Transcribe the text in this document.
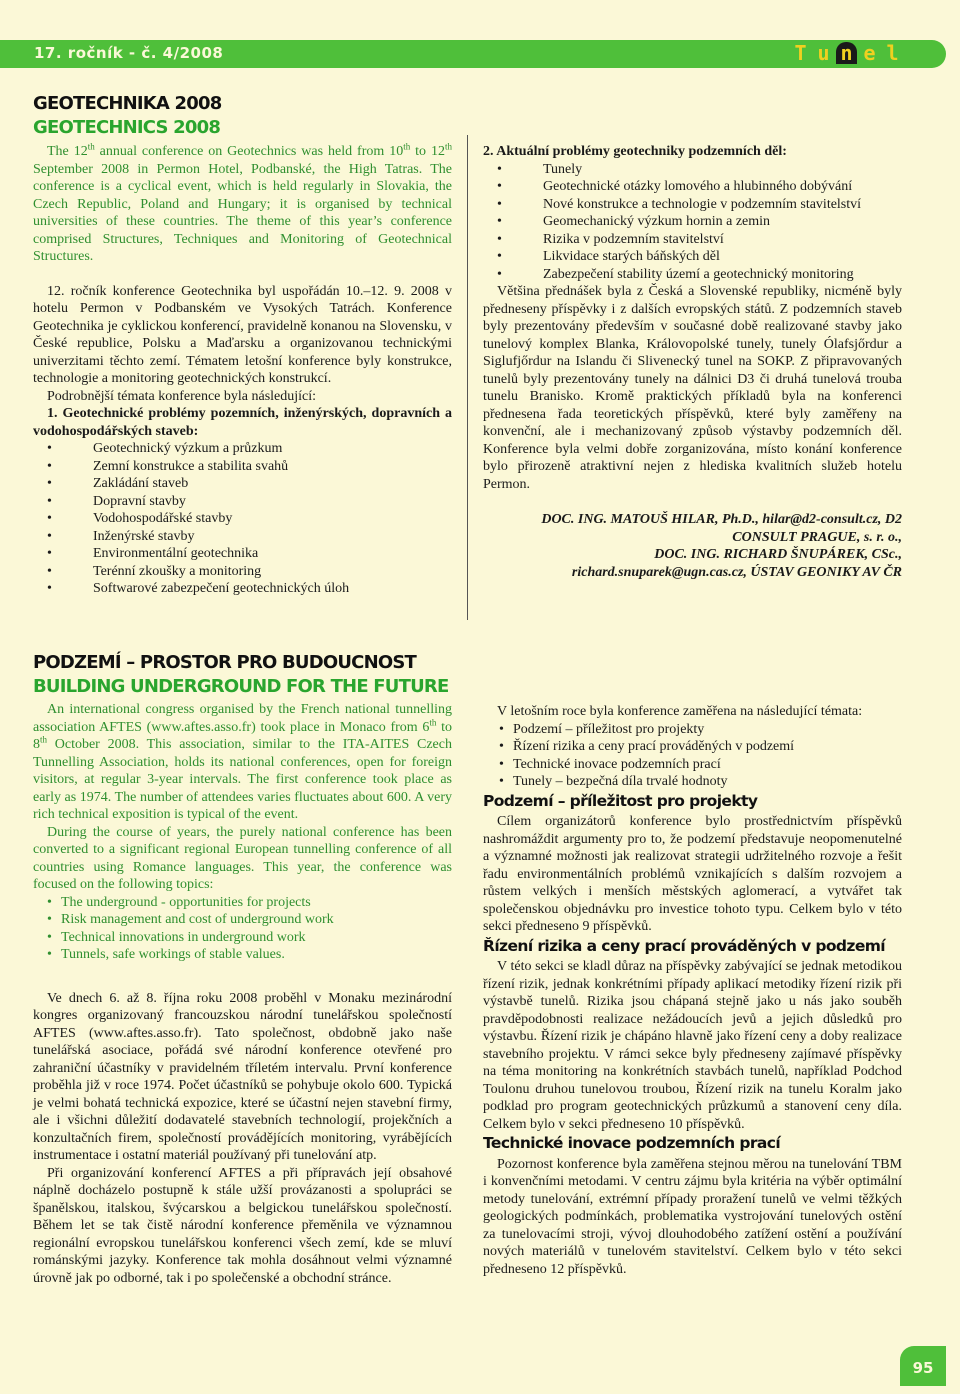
17. ročník - č. 4/2008	T u n e l
GEOTECHNIKA 2008
GEOTECHNICS 2008

The 12th annual conference on Geotechnics was held from 10th to 12th September 2008 in Permon Hotel, Podbanské, the High Tatras. The conference is a cyclical event, which is held regularly in Slovakia, the Czech Republic, Poland and Hungary; it is organised by technical universities of these countries. The theme of this year’s conference comprised Structures, Techniques and Monitoring of Geotechnical Structures.

12. ročník konference Geotechnika byl uspořádán 10.–12. 9. 2008 v hotelu Permon v Podbanském ve Vysokých Tatrách. Konference Geotechnika je cyklickou konferencí, pravidelně konanou na Slovensku, v České republice, Polsku a Maďarsku a organizovanou technickými univerzitami těchto zemí. Tématem letošní konference byly konstrukce, technologie a monitoring geotechnických konstrukcí.

Podrobnější témata konference byla následující:

1. Geotechnické problémy pozemních, inženýrských, dopravních a vodohospodářských staveb:

• Geotechnický výzkum a průzkum
• Zemní konstrukce a stabilita svahů
• Zakládání staveb
• Dopravní stavby
• Vodohospodářské stavby
• Inženýrské stavby
• Environmentální geotechnika
• Terénní zkoušky a monitoring
• Softwarové zabezpečení geotechnických úloh

2. Aktuální problémy geotechniky podzemních děl:

• Tunely
• Geotechnické otázky lomového a hlubinného dobývání
• Nové konstrukce a technologie v podzemním stavitelství
• Geomechanický výzkum hornin a zemin
• Rizika v podzemním stavitelství
• Likvidace starých báňských děl
• Zabezpečení stability území a geotechnický monitoring

Většina přednášek byla z Česká a Slovenské republiky, nicméně byly předneseny příspěvky i z dalších evropských států. Z podzemních staveb byly prezentovány především v současné době realizované stavby jako tunelový komplex Blanka, Královopolské tunely, tunely Ólafsjőrdur a Siglufjőrdur na Islandu či Slivenecký tunel na SOKP. Z připravovaných tunelů byly prezentovány tunely na dálnici D3 či druhá tunelová trouba tunelu Branisko. Kromě praktických příkladů byla na konferenci přednesena řada teoretických příspěvků, které byly zaměřeny na konvenční, ale i mechanizovaný způsob výstavby podzemních děl. Konference byla velmi dobře zorganizována, místo konání konference bylo přirozeně atraktivní nejen z hlediska kvalitních služeb hotelu Permon.

DOC. ING. MATOUŠ HILAR, Ph.D., hilar@d2-consult.cz, D2
CONSULT PRAGUE, s. r. o.,
DOC. ING. RICHARD ŠNUPÁREK, CSc.,
richard.snuparek@ugn.cas.cz, ÚSTAV GEONIKY AV ČR
PODZEMÍ – PROSTOR PRO BUDOUCNOST
BUILDING UNDERGROUND FOR THE FUTURE

An international congress organised by the French national tunnelling association AFTES (www.aftes.asso.fr) took place in Monaco from 6th to 8th October 2008. This association, similar to the ITA-AITES Czech Tunnelling Association, holds its national conferences, open for foreign visitors, at regular 3-year intervals. The first conference took place as early as 1974. The number of attendees varies fluctuates about 600. A very rich technical exposition is typical of the event.

During the course of years, the purely national conference has been converted to a significant regional European tunnelling conference of all countries using Romance languages. This year, the conference was focused on the following topics:

• The underground - opportunities for projects
• Risk management and cost of underground work
• Technical innovations in underground work
• Tunnels, safe workings of stable values.

Ve dnech 6. až 8. října roku 2008 proběhl v Monaku mezinárodní kongres organizovaný francouzskou národní tunelářskou společností AFTES (www.aftes.asso.fr). Tato společnost, obdobně jako naše tunelářská asociace, pořádá své národní konference otevřené pro zahraniční účastníky v pravidelném tříletém intervalu. První konference proběhla již v roce 1974. Počet účastníků se pohybuje okolo 600. Typická je velmi bohatá technická expozice, které se účastní nejen stavební firmy, ale i všichni důležití dodavatelé stavebních technologií, projekčních a konzultačních firem, společností provádějících monitoring, vyrábějících instrumentace i ostatní materiál používaný při tunelování atp.

Při organizování konferencí AFTES a při přípravách její obsahové náplně docházelo postupně k stále užší provázanosti a spolupráci se španělskou, italskou, švýcarskou a belgickou tunelářskou společností. Během let se tak čistě národní konference přeměnila ve významnou regionální evropskou tunelářskou konferenci všech zemí, kde se mluví románskými jazyky. Konference tak mohla dosáhnout velmi významné úrovně jak po odborné, tak i po společenské a obchodní stránce.

V letošním roce byla konference zaměřena na následující témata:

• Podzemí – příležitost pro projekty
• Řízení rizika a ceny prací prováděných v podzemí
• Technické inovace podzemních prací
• Tunely – bezpečná díla trvalé hodnoty
Podzemí – příležitost pro projekty

Cílem organizátorů konference bylo prostřednictvím příspěvků nashromáždit argumenty pro to, že podzemí představuje neopomenutelné a významné možnosti jak realizovat strategii udržitelného rozvoje a řešit řadu environmentálních problémů vznikajících s dalším rozvojem a růstem velkých i menších městských aglomerací, a vytvářet tak společenskou objednávku pro investice tohoto typu. Celkem bylo v této sekci předneseno 9 příspěvků.

Řízení rizika a ceny prací prováděných v podzemí

V této sekci se kladl důraz na příspěvky zabývající se jednak metodikou řízení rizik, jednak konkrétními případy aplikací metodiky řízení rizik při výstavbě tunelů. Rizika jsou chápaná stejně jako u nás jako souběh pravděpodobnosti realizace nežádoucích jevů a jejich důsledků pro výstavbu. Řízení rizik je chápáno hlavně jako řízení ceny a doby realizace stavebního projektu. V rámci sekce byly předneseny zajímavé příspěvky na téma monitoring na konkrétních stavbách tunelů, například Podchod Toulonu druhou tunelovou troubou, Řízení rizik na tunelu Koralm jako podklad pro program geotechnických průzkumů a stanovení ceny díla. Celkem bylo v sekci předneseno 10 příspěvků.

Technické inovace podzemních prací

Pozornost konference byla zaměřena stejnou měrou na tunelování TBM i konvenčními metodami. V centru zájmu byla kritéria na výběr optimální metody tunelování, extrémní případy proražení tunelů ve velmi těžkých geologických podmínkách, problematika vystrojování tunelových ostění za tunelovacími stroji, vývoj dlouhodobého zatížení ostění a používání nových materiálů v tunelovém stavitelství. Celkem bylo v této sekci předneseno 12 příspěvků.

95
